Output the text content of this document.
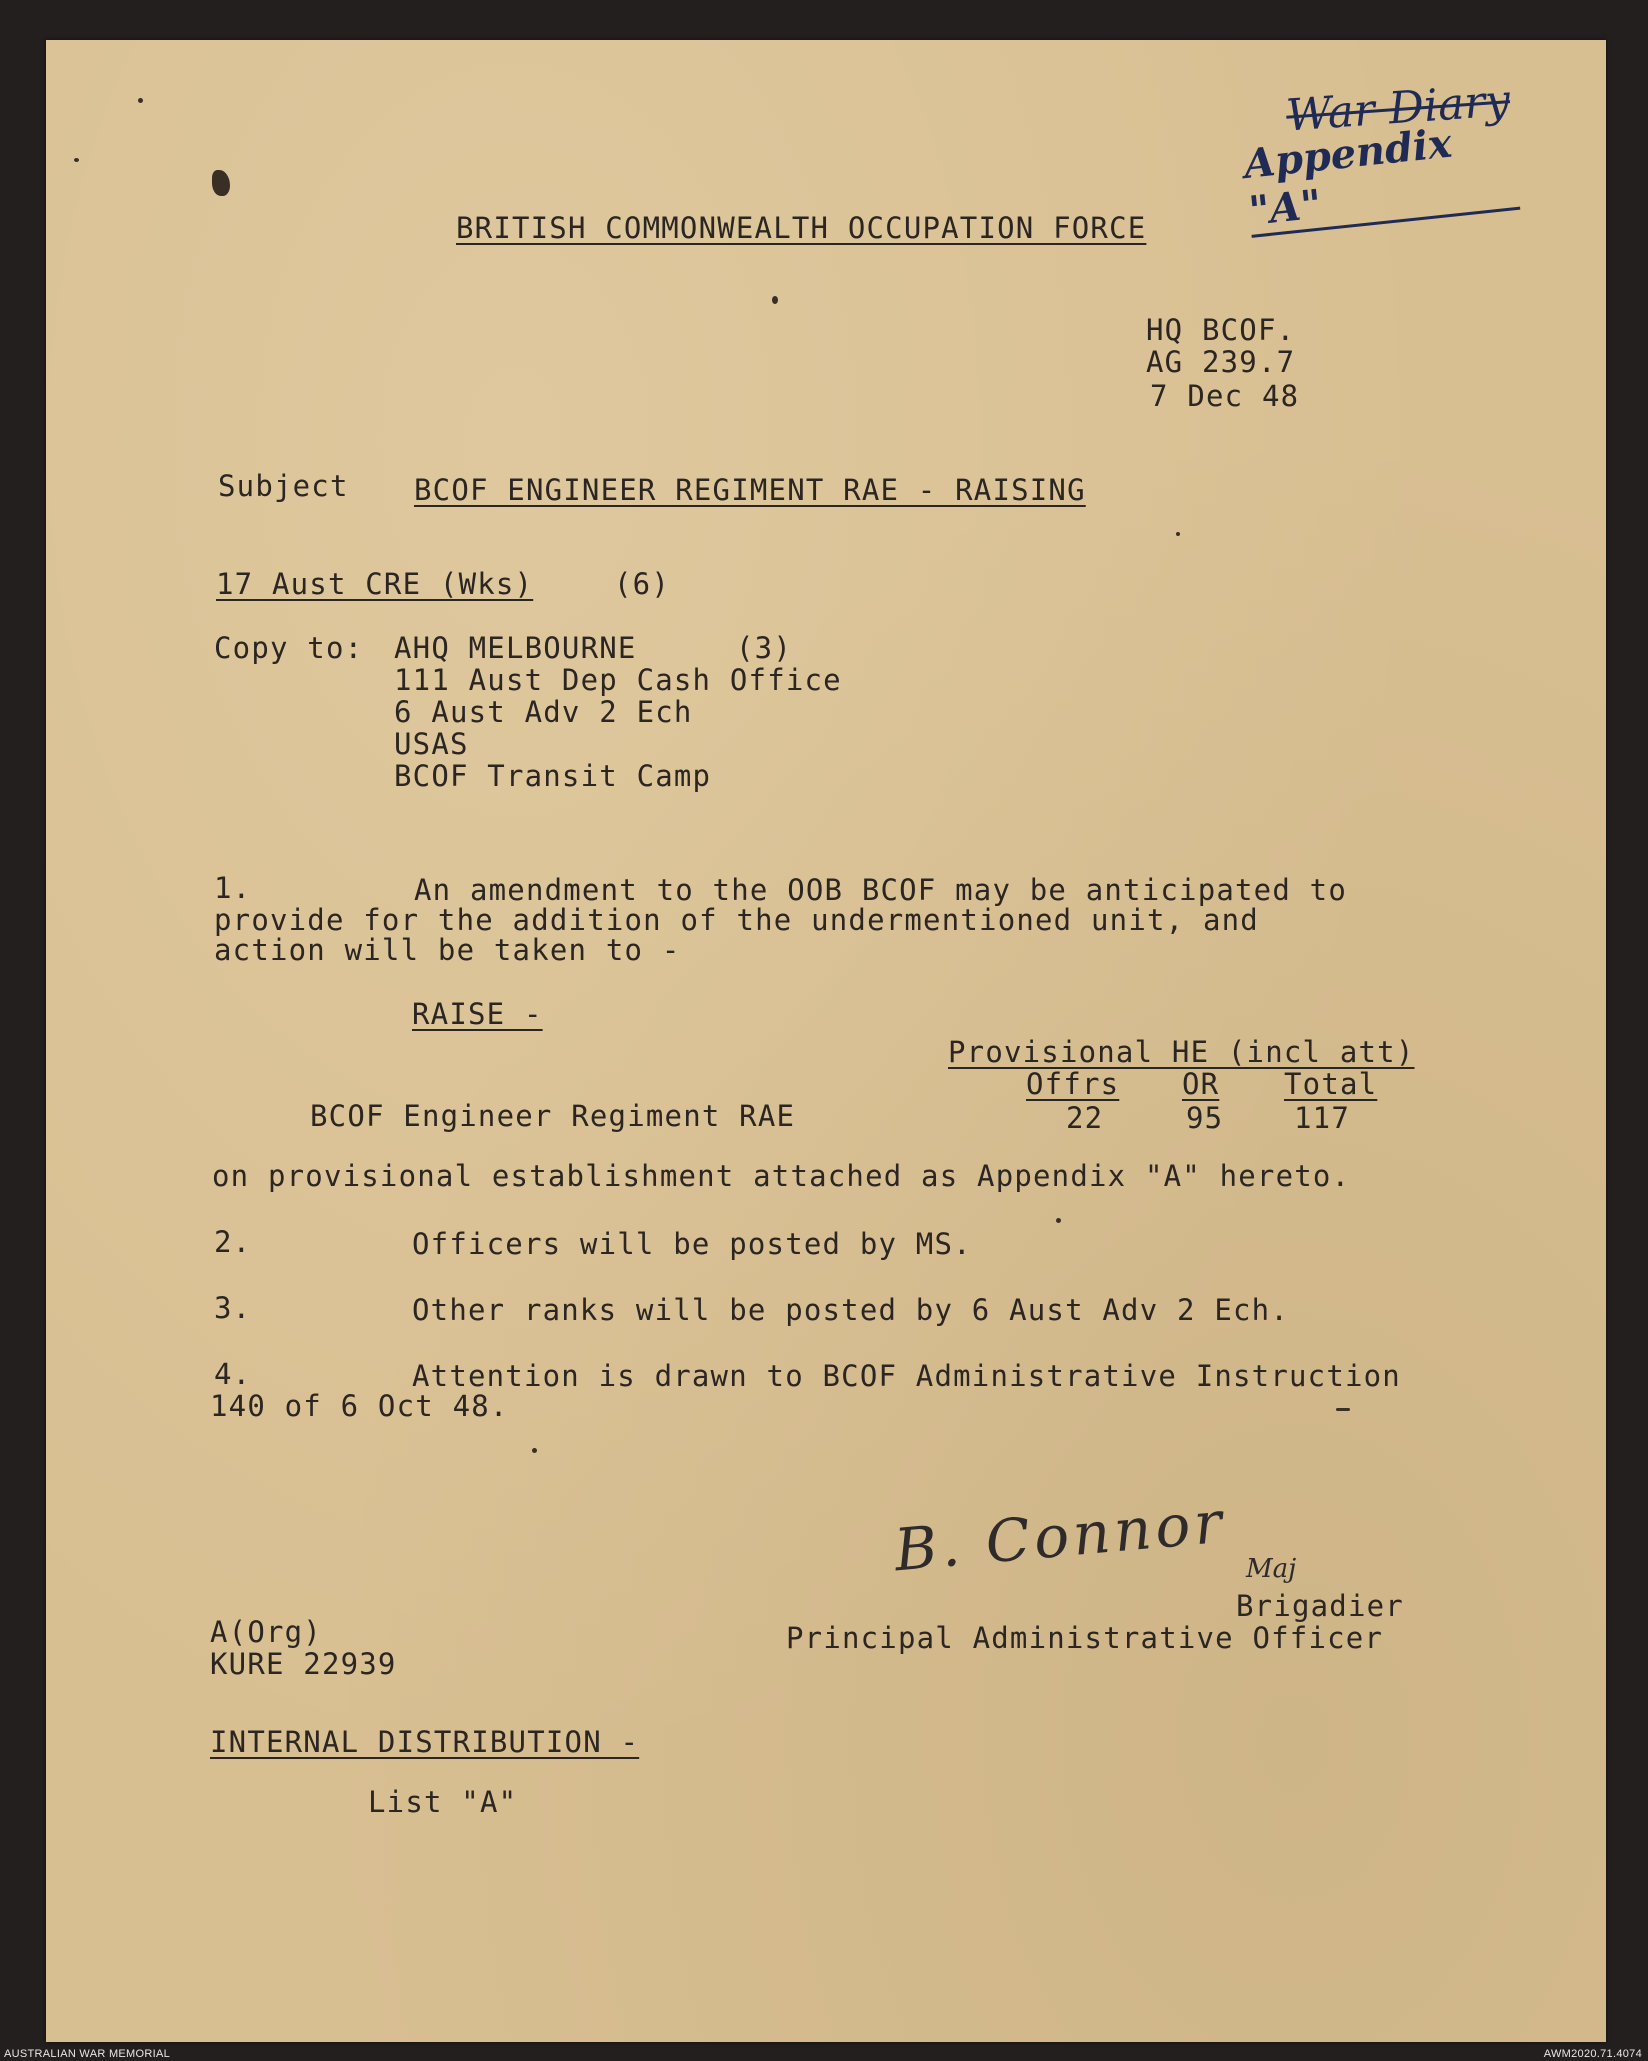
War Diary
Appendix "A"
BRITISH COMMONWEALTH OCCUPATION FORCE
HQ BCOF.
AG 239.7
7 Dec 48
Subject BCOF ENGINEER REGIMENT RAE - RAISING
17 Aust CRE (Wks)	(6)
Copy to: AHQ MELBOURNE	(3)
111 Aust Dep Cash Office
6 Aust Adv 2 Ech
USAS
BCOF Transit Camp
1.	An amendment to the OOB BCOF may be anticipated to
provide for the addition of the undermentioned unit, and
action will be taken to -
RAISE -
Provisional HE (incl att)
Offrs OR Total
BCOF Engineer Regiment RAE	22	95 117
on provisional establishment attached as Appendix "A" hereto.
2.	Officers will be posted by MS.
3.	Other ranks will be posted by 6 Aust Adv 2 Ech.
4.	Attention is drawn to BCOF Administrative Instruction
140 of 6 Oct 48.
B. Connor Maj
Brigadier
Principal Administrative Officer
A(Org)
KURE 22939
INTERNAL DISTRIBUTION -
List "A"
AUSTRALIAN WAR MEMORIAL	AWM2020.71.4074
